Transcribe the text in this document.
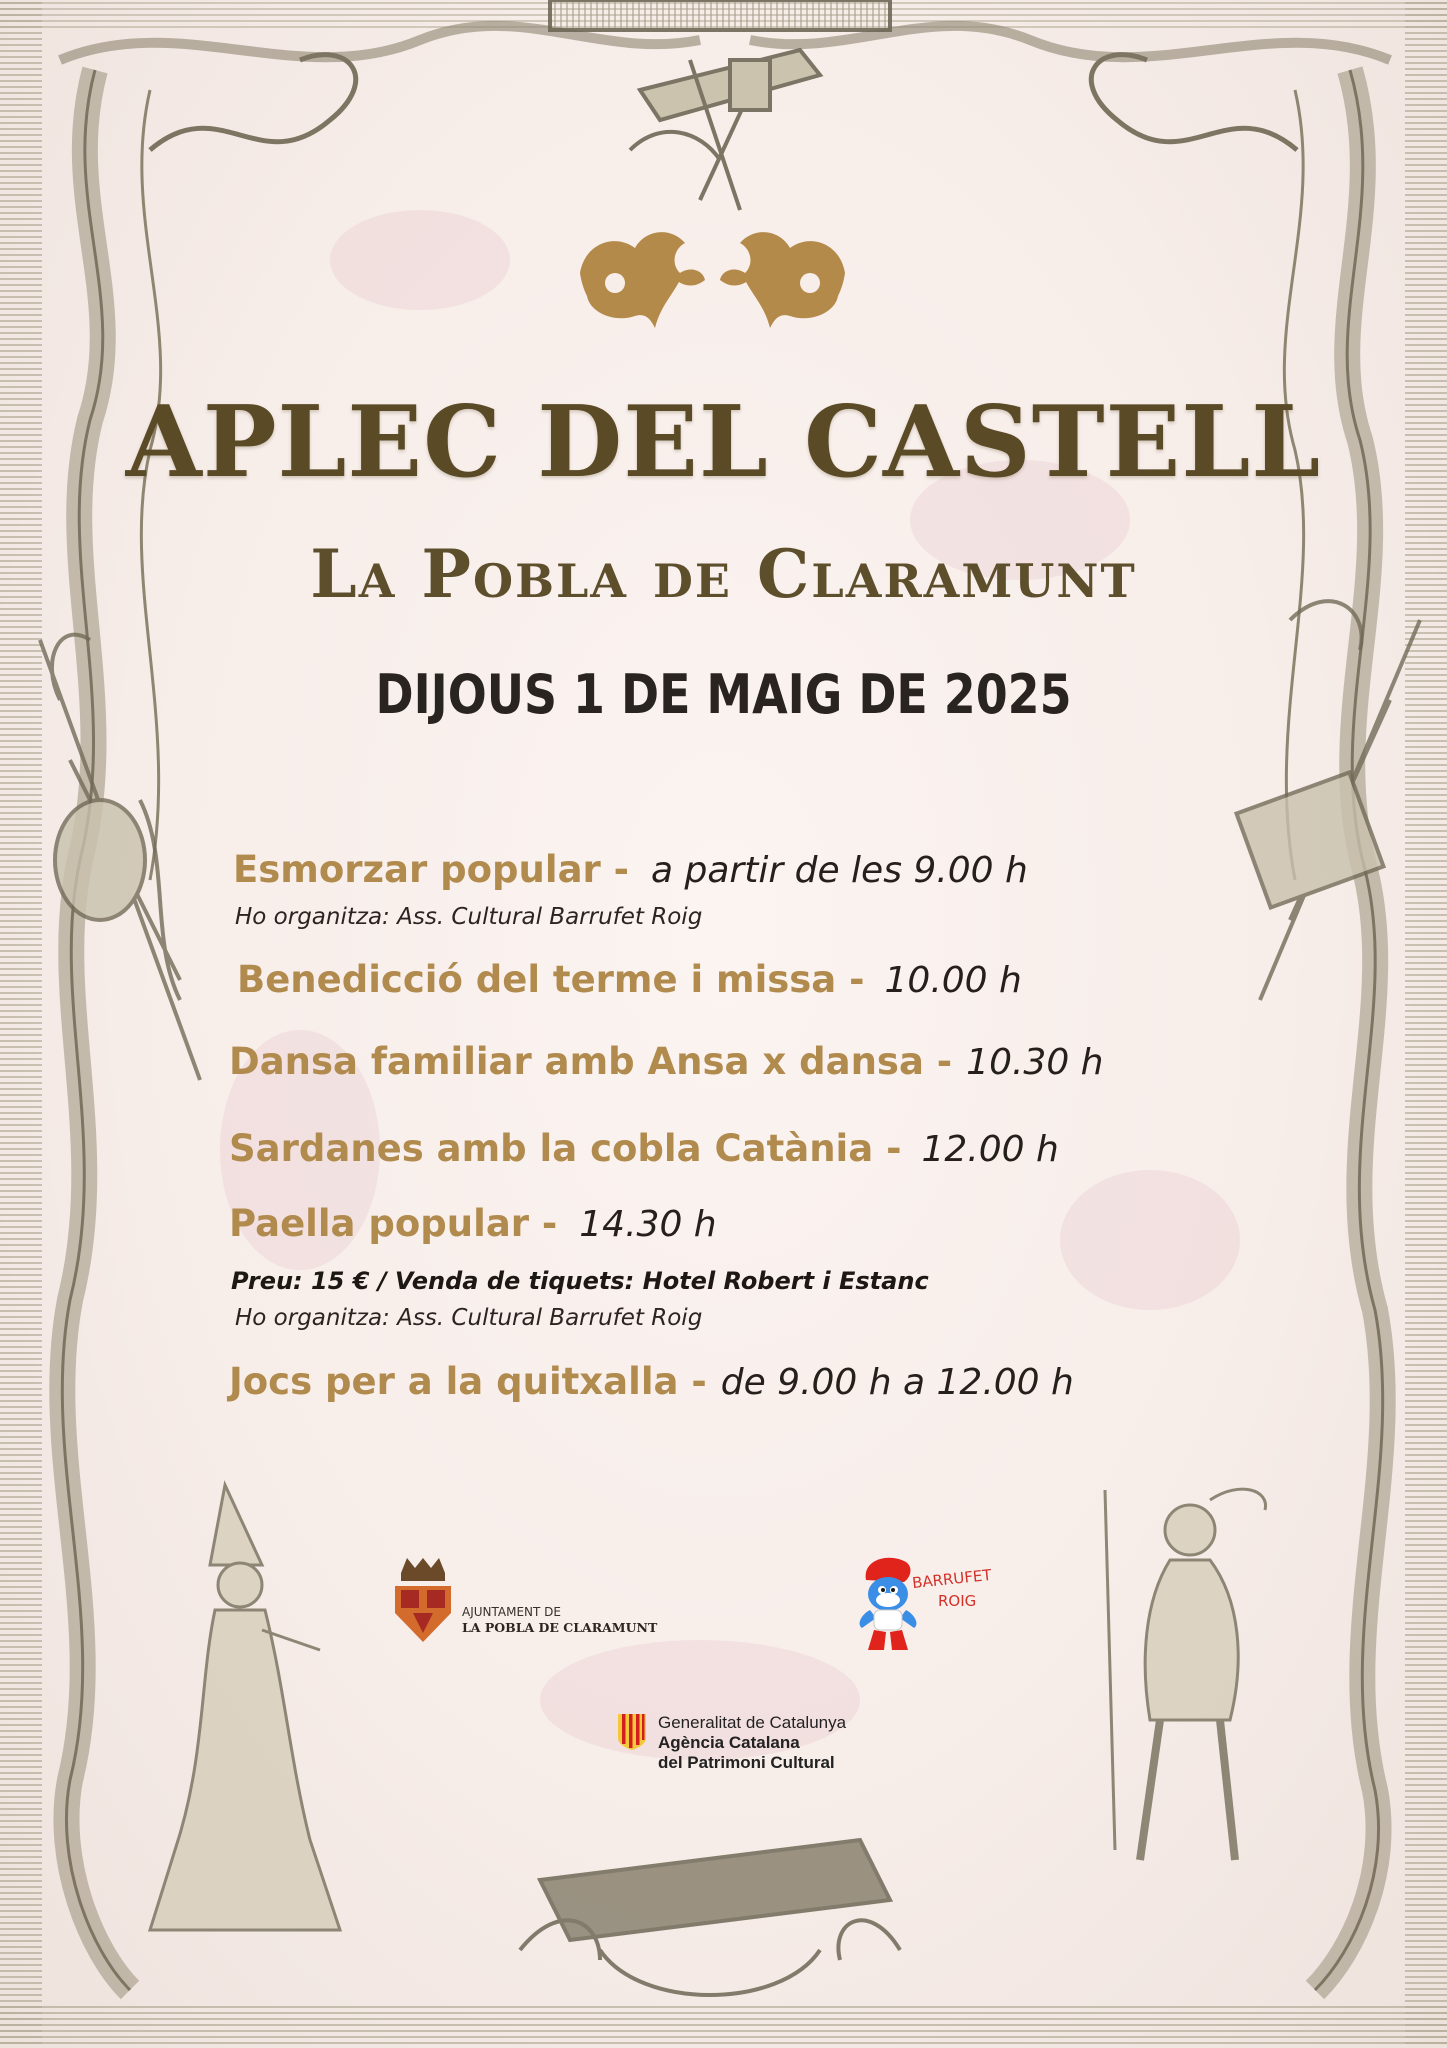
APLEC DEL CASTELL
La Pobla de Claramunt
DIJOUS 1 DE MAIG DE 2025
Esmorzar popular - a partir de les 9.00 h
Ho organitza: Ass. Cultural Barrufet Roig
Benedicció del terme i missa - 10.00 h
Dansa familiar amb Ansa x dansa - 10.30 h
Sardanes amb la cobla Catània - 12.00 h
Paella popular - 14.30 h
Preu: 15 € / Venda de tiquets: Hotel Robert i Estanc
Ho organitza: Ass. Cultural Barrufet Roig
Jocs per a la quitxalla - de 9.00 h a 12.00 h
AJUNTAMENT DE
LA POBLA DE CLARAMUNT
BARRUFET
ROIG
Generalitat de Catalunya
Agència Catalana
del Patrimoni Cultural
